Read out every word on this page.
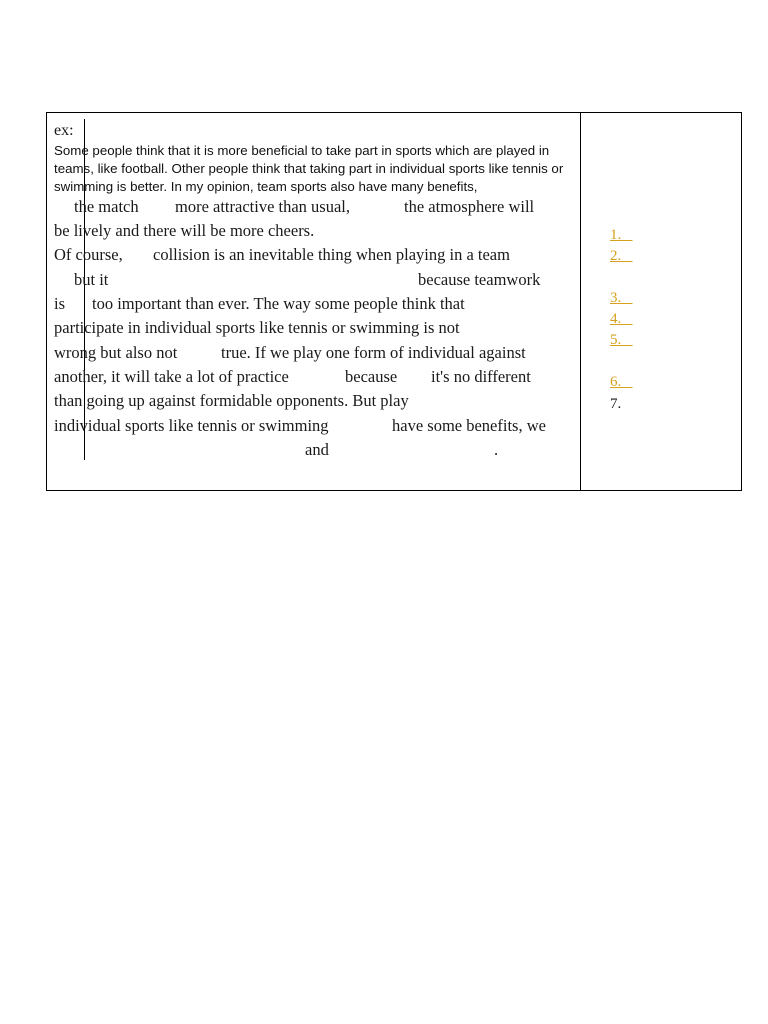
ex:
Some people think that it is more beneficial to take part in sports which are played in teams, like football. Other people think that taking part in individual sports like tennis or swimming is better. In my opinion, team sports also have many benefits,
the match more attractive than usual,	the atmosphere will
be lively and there will be more cheers.
Of course, collision is an inevitable thing when playing in a team
but it	because teamwork
is too important than ever. The way some people think that
participate in individual sports like tennis or swimming is not
wrong but also not	true. If we play one form of individual against
another, it will take a lot of practice	because it's no different
than going up against formidable opponents. But play
individual sports like tennis or swimming	have some benefits, we
and	.
1.
2.
3.
4.
5.
6.
7.
